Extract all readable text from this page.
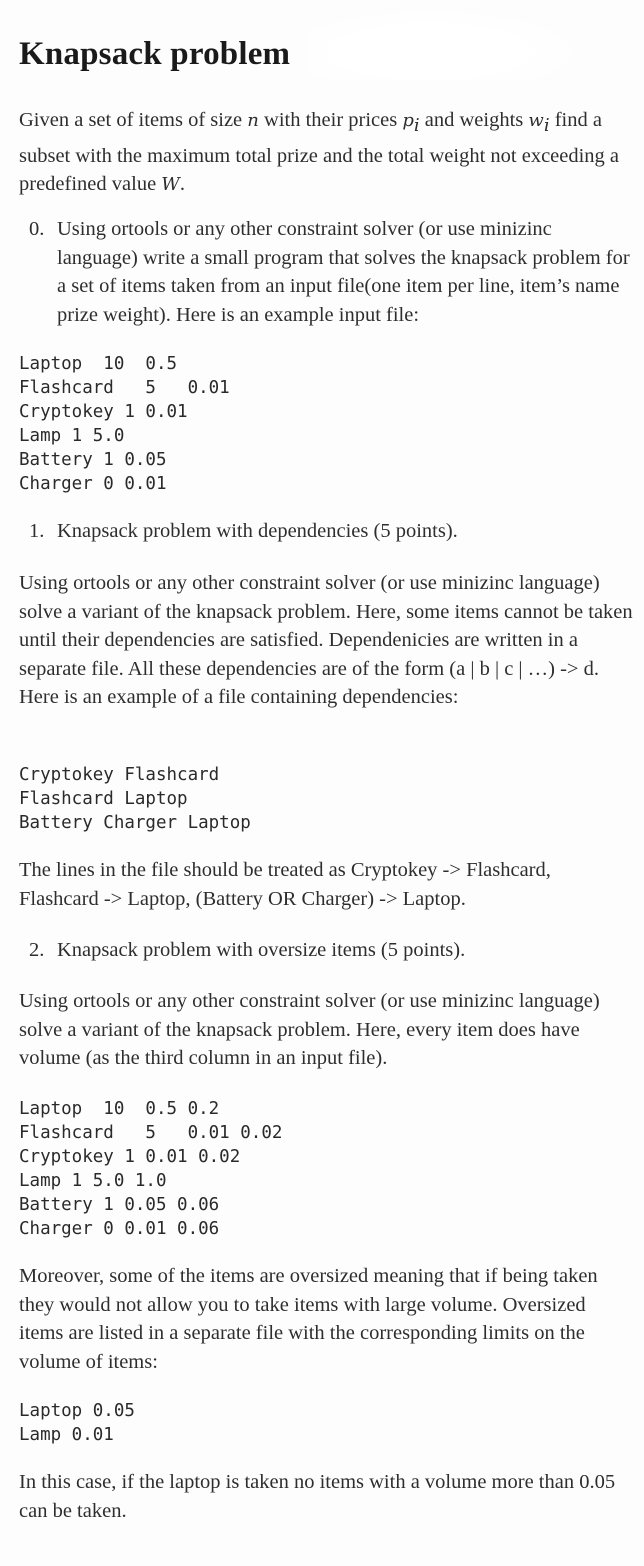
Knapsack problem
Given a set of items of size n with their prices $p_i$ and weights $w_i$ find a subset with the maximum total prize and the total weight not exceeding a predefined value W.
0. Using ortools or any other constraint solver (or use minizinc language) write a small program that solves the knapsack problem for a set of items taken from an input file(one item per line, item’s name prize weight). Here is an example input file:
Laptop  10  0.5
Flashcard   5   0.01
Cryptokey 1 0.01
Lamp 1 5.0
Battery 1 0.05
Charger 0 0.01
1. Knapsack problem with dependencies (5 points).
Using ortools or any other constraint solver (or use minizinc language) solve a variant of the knapsack problem. Here, some items cannot be taken until their dependencies are satisfied. Dependenicies are written in a separate file. All these dependencies are of the form (a | b | c | …) -> d. Here is an example of a file containing dependencies:
Cryptokey Flashcard
Flashcard Laptop
Battery Charger Laptop
The lines in the file should be treated as Cryptokey -> Flashcard, Flashcard -> Laptop, (Battery OR Charger) -> Laptop.
2. Knapsack problem with oversize items (5 points).
Using ortools or any other constraint solver (or use minizinc language) solve a variant of the knapsack problem. Here, every item does have volume (as the third column in an input file).
Laptop  10  0.5 0.2
Flashcard   5   0.01 0.02
Cryptokey 1 0.01 0.02
Lamp 1 5.0 1.0
Battery 1 0.05 0.06
Charger 0 0.01 0.06
Moreover, some of the items are oversized meaning that if being taken they would not allow you to take items with large volume. Oversized items are listed in a separate file with the corresponding limits on the volume of items:
Laptop 0.05
Lamp 0.01
In this case, if the laptop is taken no items with a volume more than 0.05 can be taken.
